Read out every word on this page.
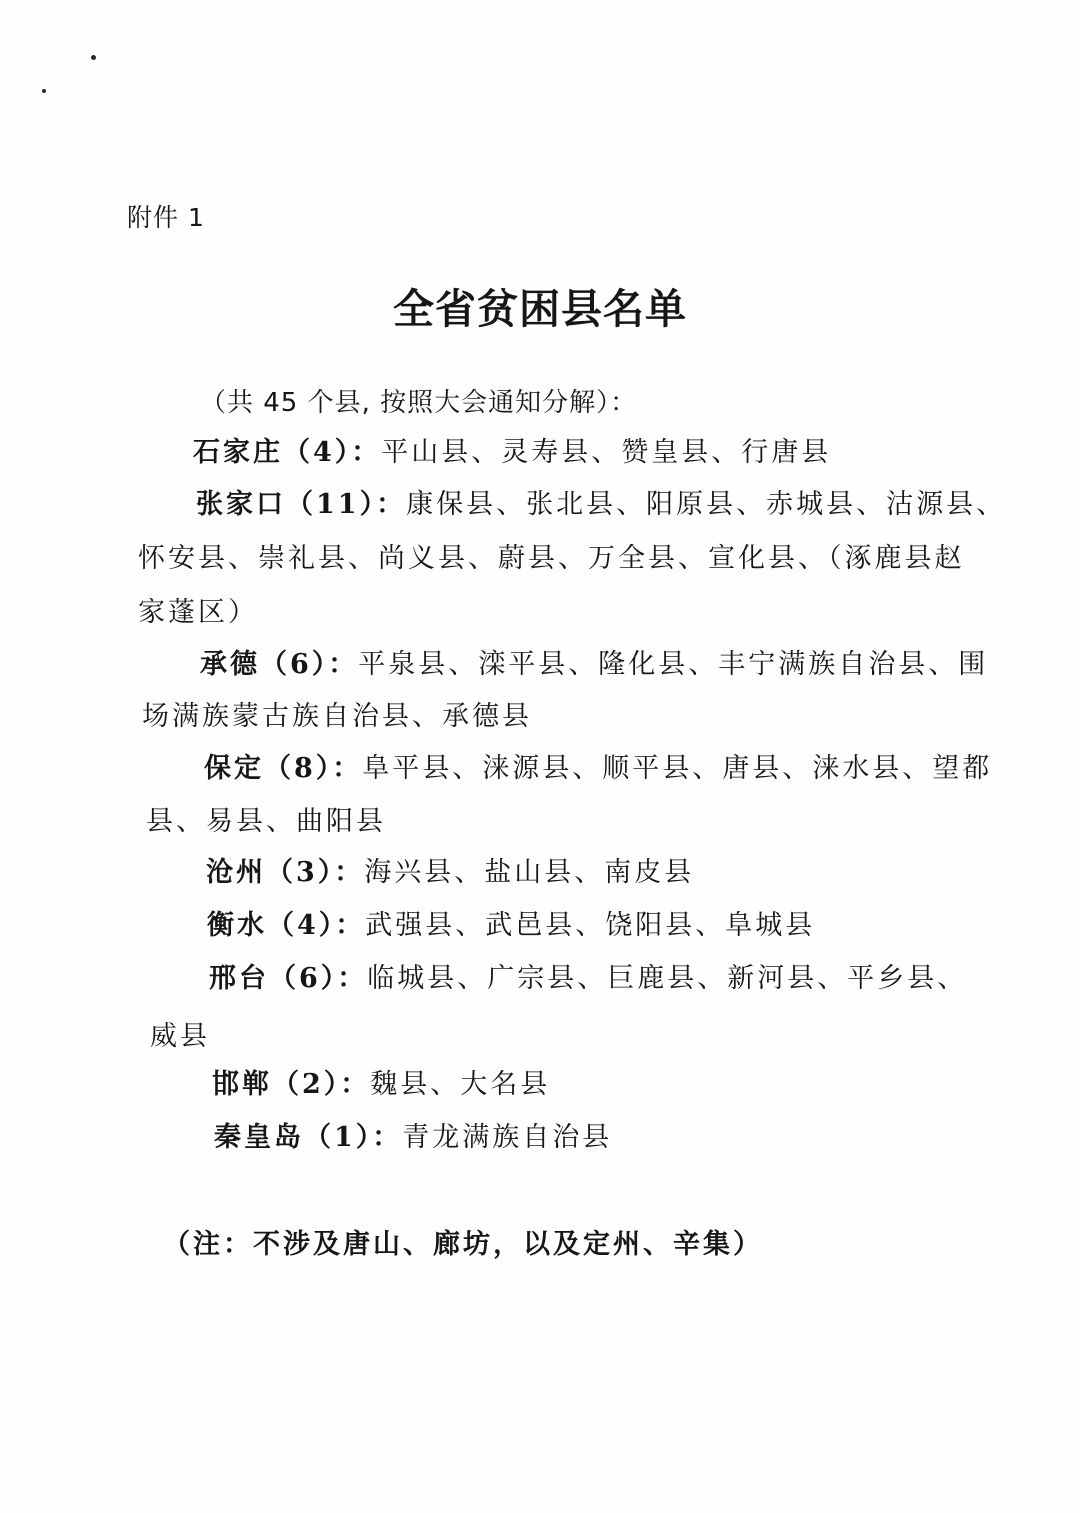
附件 1
全省贫困县名单
（共 45 个县, 按照大会通知分解）：
石家庄（4）：平山县、灵寿县、赞皇县、行唐县
张家口（11）：康保县、张北县、阳原县、赤城县、沽源县、
怀安县、崇礼县、尚义县、蔚县、万全县、宣化县、（涿鹿县赵
家蓬区）
承德（6）：平泉县、滦平县、隆化县、丰宁满族自治县、围
场满族蒙古族自治县、承德县
保定（8）：阜平县、涞源县、顺平县、唐县、涞水县、望都
县、易县、曲阳县
沧州（3）：海兴县、盐山县、南皮县
衡水（4）：武强县、武邑县、饶阳县、阜城县
邢台（6）：临城县、广宗县、巨鹿县、新河县、平乡县、
威县
邯郸（2）：魏县、大名县
秦皇岛（1）：青龙满族自治县
（注：不涉及唐山、廊坊，以及定州、辛集）
